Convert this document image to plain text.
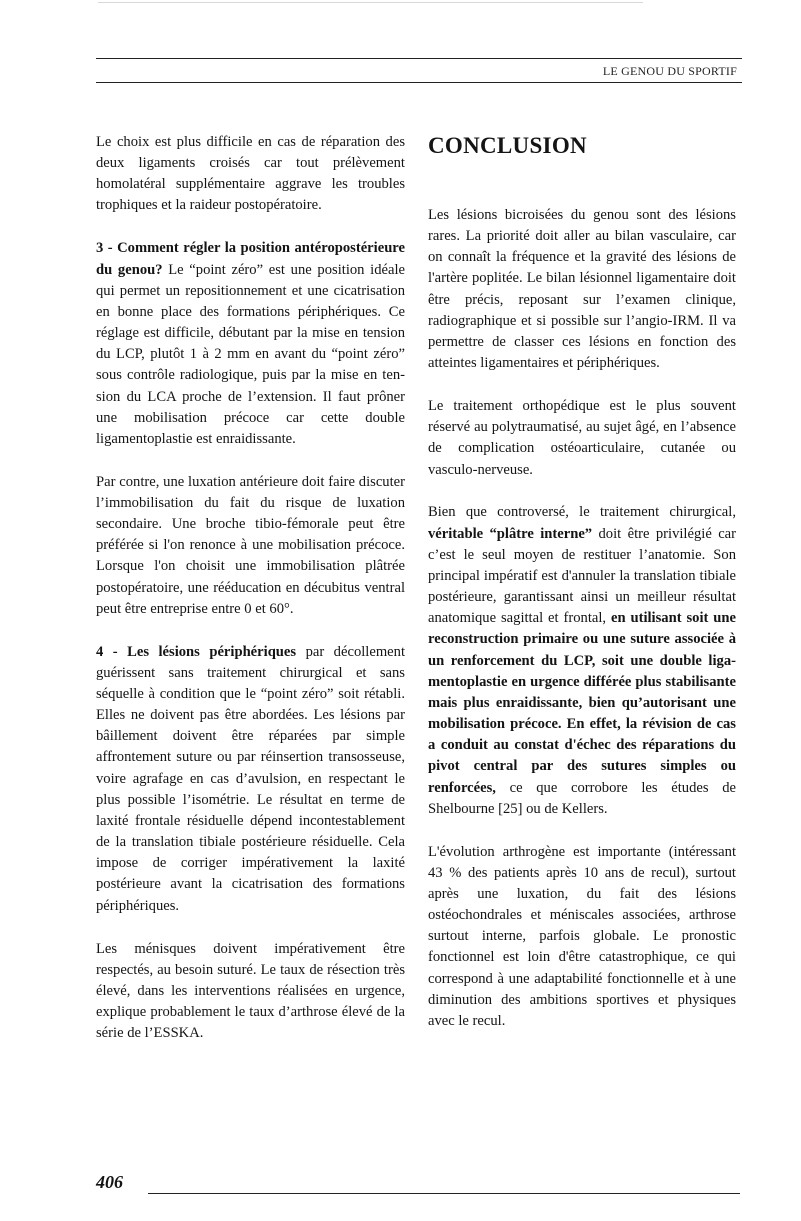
LE GENOU DU SPORTIF

Le choix est plus difficile en cas de réparation des deux ligaments croisés car tout prélèvement homolatéral supplémentaire aggrave les troubles trophiques et la raideur postopératoire.

3 - Comment régler la position antéropostérieure du genou? Le “point zéro” est une position idéale qui permet un repositionnement et une cicatrisation en bonne place des formations périphériques. Ce réglage est difficile, débutant par la mise en tension du LCP, plutôt 1 à 2 mm en avant du “point zéro” sous contrôle radiologique, puis par la mise en tension du LCA proche de l’extension. Il faut prôner une mobilisation précoce car cette double ligamentoplastie est enraidissante.

Par contre, une luxation antérieure doit faire discuter l’immobilisation du fait du risque de luxation secondaire. Une broche tibio-fémorale peut être préférée si l'on renonce à une mobilisation précoce. Lorsque l'on choisit une immobilisation plâtrée postopératoire, une rééducation en décubitus ventral peut être entreprise entre 0 et 60°.

4 - Les lésions périphériques par décollement guérissent sans traitement chirurgical et sans séquelle à condition que le “point zéro” soit rétabli. Elles ne doivent pas être abordées. Les lésions par bâillement doivent être réparées par simple affrontement suture ou par réinsertion transosseuse, voire agrafage en cas d’avulsion, en respectant le plus possible l’isométrie. Le résultat en terme de laxité frontale résiduelle dépend incontestablement de la translation tibiale postérieure résiduelle. Cela impose de corriger impérativement la laxité postérieure avant la cicatrisation des formations périphériques.

Les ménisques doivent impérativement être respectés, au besoin suturé. Le taux de résection très élevé, dans les interventions réalisées en urgence, explique probablement le taux d’arthrose élevé de la série de l’ESSKA.

CONCLUSION

Les lésions bicroisées du genou sont des lésions rares. La priorité doit aller au bilan vasculaire, car on connaît la fréquence et la gravité des lésions de l'artère poplitée. Le bilan lésionnel ligamentaire doit être précis, reposant sur l’examen clinique, radiographique et si possible sur l’angio-IRM. Il va permettre de classer ces lésions en fonction des atteintes ligamentaires et périphériques.

Le traitement orthopédique est le plus souvent réservé au polytraumatisé, au sujet âgé, en l’absence de complication ostéoarticulaire, cutanée ou vasculo-nerveuse.

Bien que controversé, le traitement chirurgical, véritable “plâtre interne” doit être privilégié car c’est le seul moyen de restituer l’anatomie. Son principal impératif est d'annuler la translation tibiale postérieure, garantissant ainsi un meilleur résultat anatomique sagittal et frontal, en utilisant soit une reconstruction primaire ou une suture associée à un renforcement du LCP, soit une double ligamentoplastie en urgence différée plus stabilisante mais plus enraidissante, bien qu’autorisant une mobilisation précoce. En effet, la révision de cas a conduit au constat d'échec des réparations du pivot central par des sutures simples ou renforcées, ce que corrobore les études de Shelbourne [25] ou de Kellers.

L'évolution arthrogène est importante (intéressant 43 % des patients après 10 ans de recul), surtout après une luxation, du fait des lésions ostéochondrales et méniscales associées, arthrose surtout interne, parfois globale. Le pronostic fonctionnel est loin d'être catastrophique, ce qui correspond à une adaptabilité fonctionnelle et à une diminution des ambitions sportives et physiques avec le recul.

406
